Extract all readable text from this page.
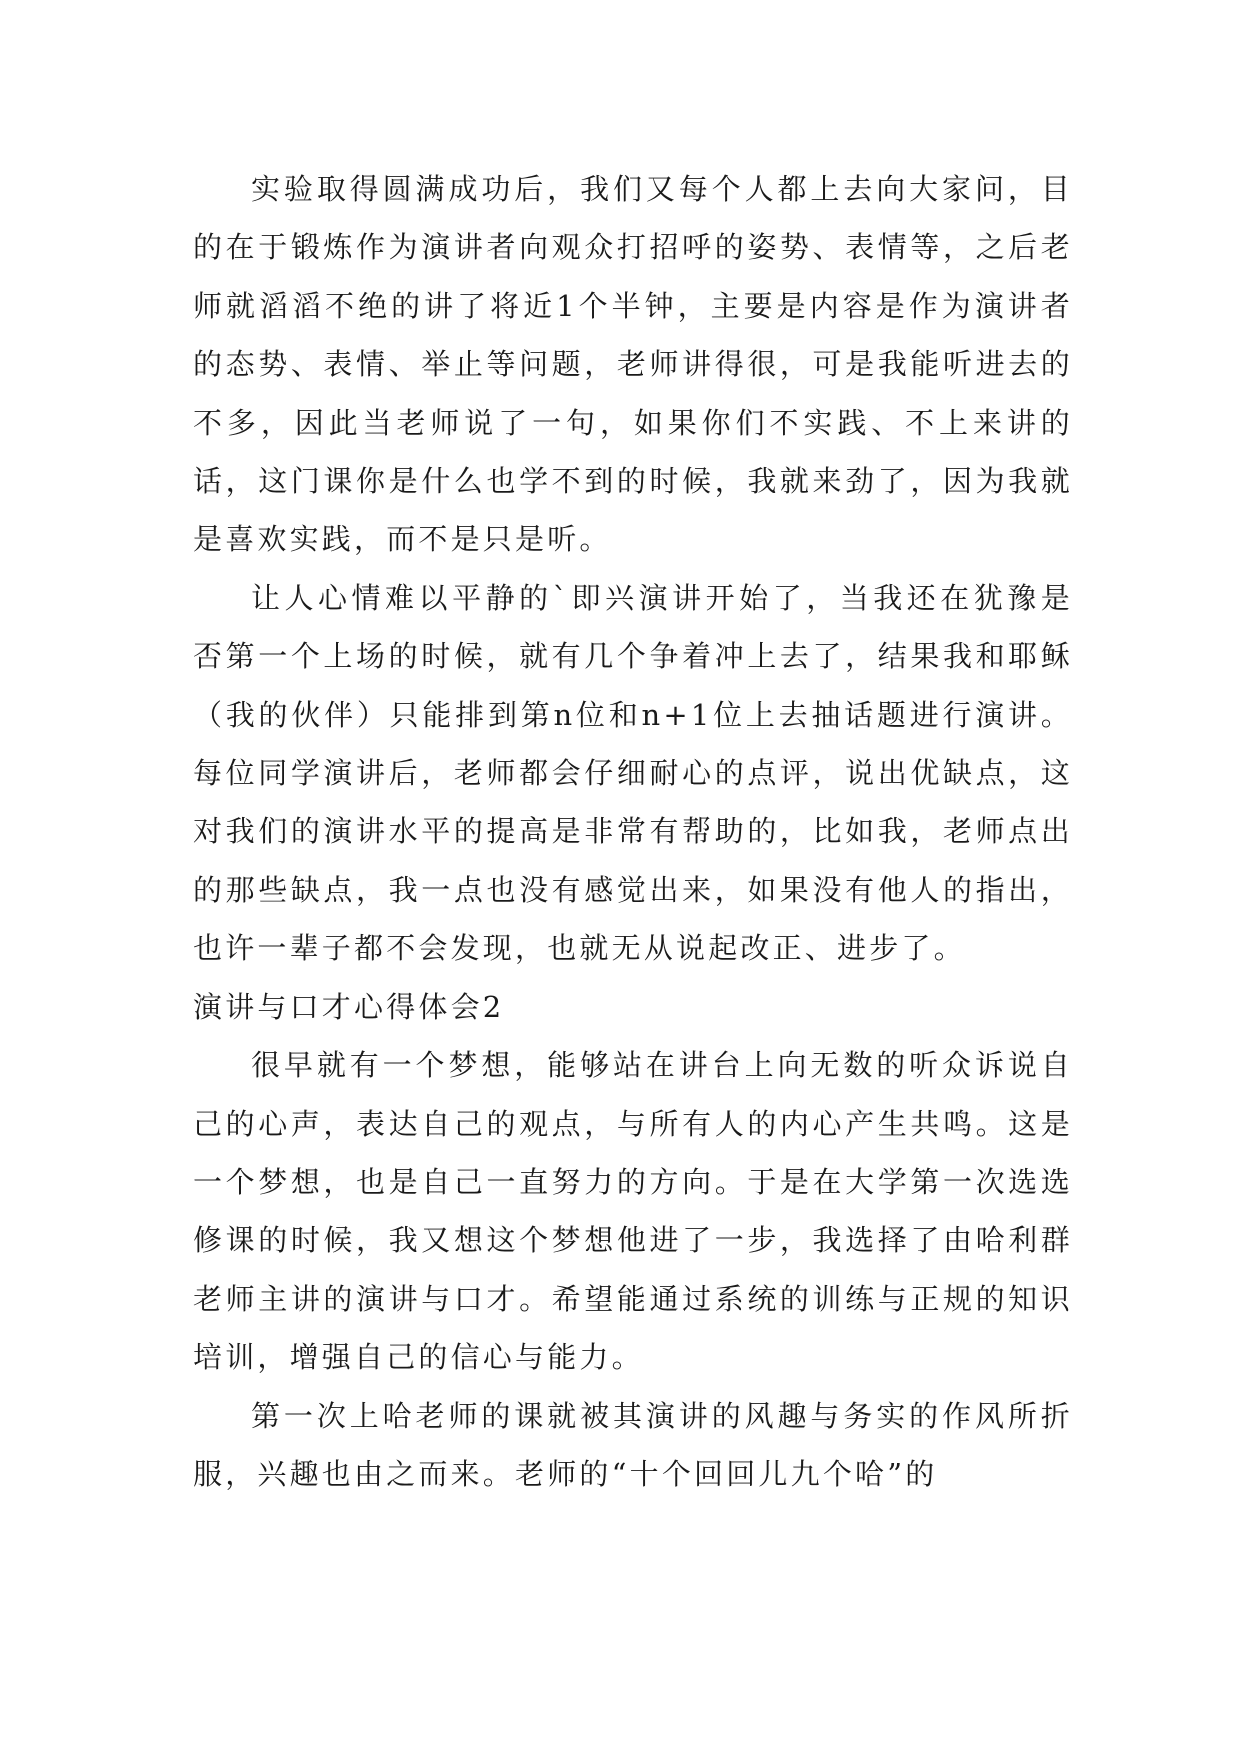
实验取得圆满成功后，我们又每个人都上去向大家问，目的在于锻炼作为演讲者向观众打招呼的姿势、表情等，之后老师就滔滔不绝的讲了将近1个半钟，主要是内容是作为演讲者的态势、表情、举止等问题，老师讲得很，可是我能听进去的不多，因此当老师说了一句，如果你们不实践、不上来讲的话，这门课你是什么也学不到的时候，我就来劲了，因为我就是喜欢实践，而不是只是听。

让人心情难以平静的`即兴演讲开始了，当我还在犹豫是否第一个上场的时候，就有几个争着冲上去了，结果我和耶稣（我的伙伴）只能排到第n位和n+1位上去抽话题进行演讲。每位同学演讲后，老师都会仔细耐心的点评，说出优缺点，这对我们的演讲水平的提高是非常有帮助的，比如我，老师点出的那些缺点，我一点也没有感觉出来，如果没有他人的指出，也许一辈子都不会发现，也就无从说起改正、进步了。

演讲与口才心得体会2

很早就有一个梦想，能够站在讲台上向无数的听众诉说自己的心声，表达自己的观点，与所有人的内心产生共鸣。这是一个梦想，也是自己一直努力的方向。于是在大学第一次选选修课的时候，我又想这个梦想他进了一步，我选择了由哈利群老师主讲的演讲与口才。希望能通过系统的训练与正规的知识培训，增强自己的信心与能力。

第一次上哈老师的课就被其演讲的风趣与务实的作风所折服，兴趣也由之而来。老师的“十个回回儿九个哈”的
